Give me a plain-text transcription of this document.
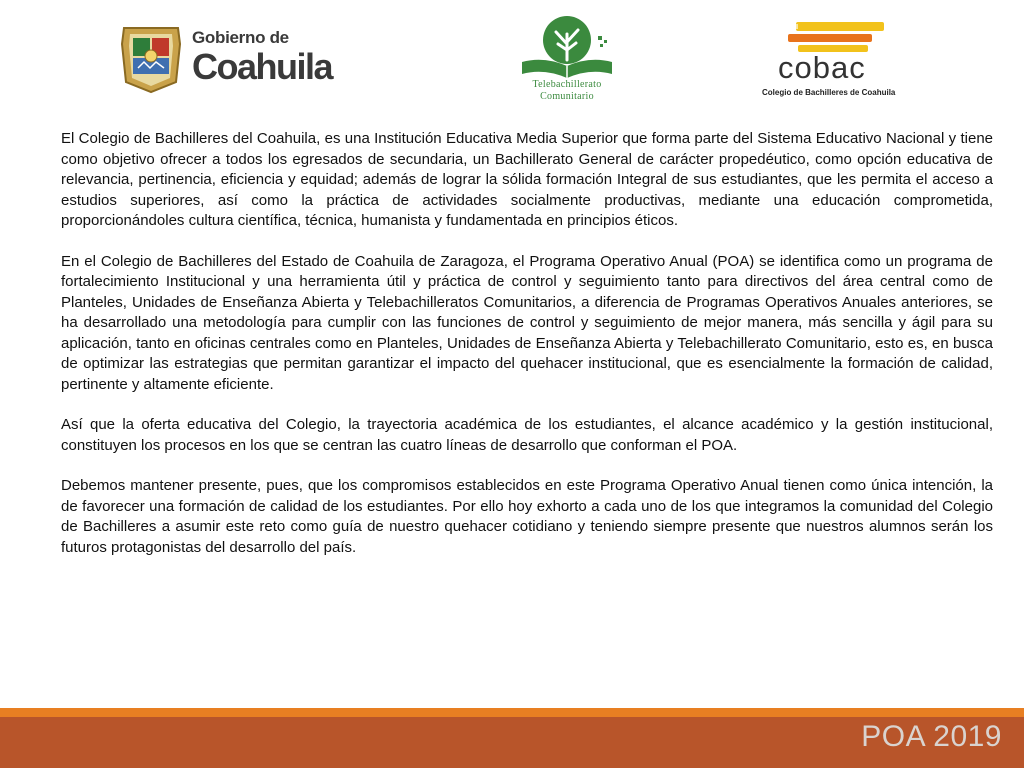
Gobierno de
Coahuila	Telebachillerato
Comunitario
cobac
Colegio de Bachilleres de Coahuila

El Colegio de Bachilleres del Coahuila, es una Institución Educativa Media Superior que forma parte del Sistema Educativo Nacional y tiene como objetivo ofrecer a todos los egresados de secundaria, un Bachillerato General de carácter propedéutico, como opción educativa de relevancia, pertinencia, eficiencia y equidad; además de lograr la sólida formación Integral de sus estudiantes, que les permita el acceso a estudios superiores, así como la práctica de actividades socialmente productivas, mediante una educación comprometida, proporcionándoles cultura científica, técnica, humanista y fundamentada en principios éticos.

En el Colegio de Bachilleres del Estado de Coahuila de Zaragoza, el Programa Operativo Anual (POA) se identifica como un programa de fortalecimiento Institucional y una herramienta útil y práctica de control y seguimiento tanto para directivos del área central como de Planteles, Unidades de Enseñanza Abierta y Telebachilleratos Comunitarios, a diferencia de Programas Operativos Anuales anteriores, se ha desarrollado una metodología para cumplir con las funciones de control y seguimiento de mejor manera, más sencilla y ágil para su aplicación, tanto en oficinas centrales como en Planteles, Unidades de Enseñanza Abierta y Telebachillerato Comunitario, esto es, en busca de optimizar las estrategias que permitan garantizar el impacto del quehacer institucional, que es esencialmente la formación de calidad, pertinente y altamente eficiente.

Así que la oferta educativa del Colegio, la trayectoria académica de los estudiantes, el alcance académico y la gestión institucional, constituyen los procesos en los que se centran las cuatro líneas de desarrollo que conforman el POA.

Debemos mantener presente, pues, que los compromisos establecidos en este Programa Operativo Anual tienen como única intención, la de favorecer una formación de calidad de los estudiantes. Por ello hoy exhorto a cada uno de los que integramos la comunidad del Colegio de Bachilleres a asumir este reto como guía de nuestro quehacer cotidiano y teniendo siempre presente que nuestros alumnos serán los futuros protagonistas del desarrollo del país.

POA 2019
